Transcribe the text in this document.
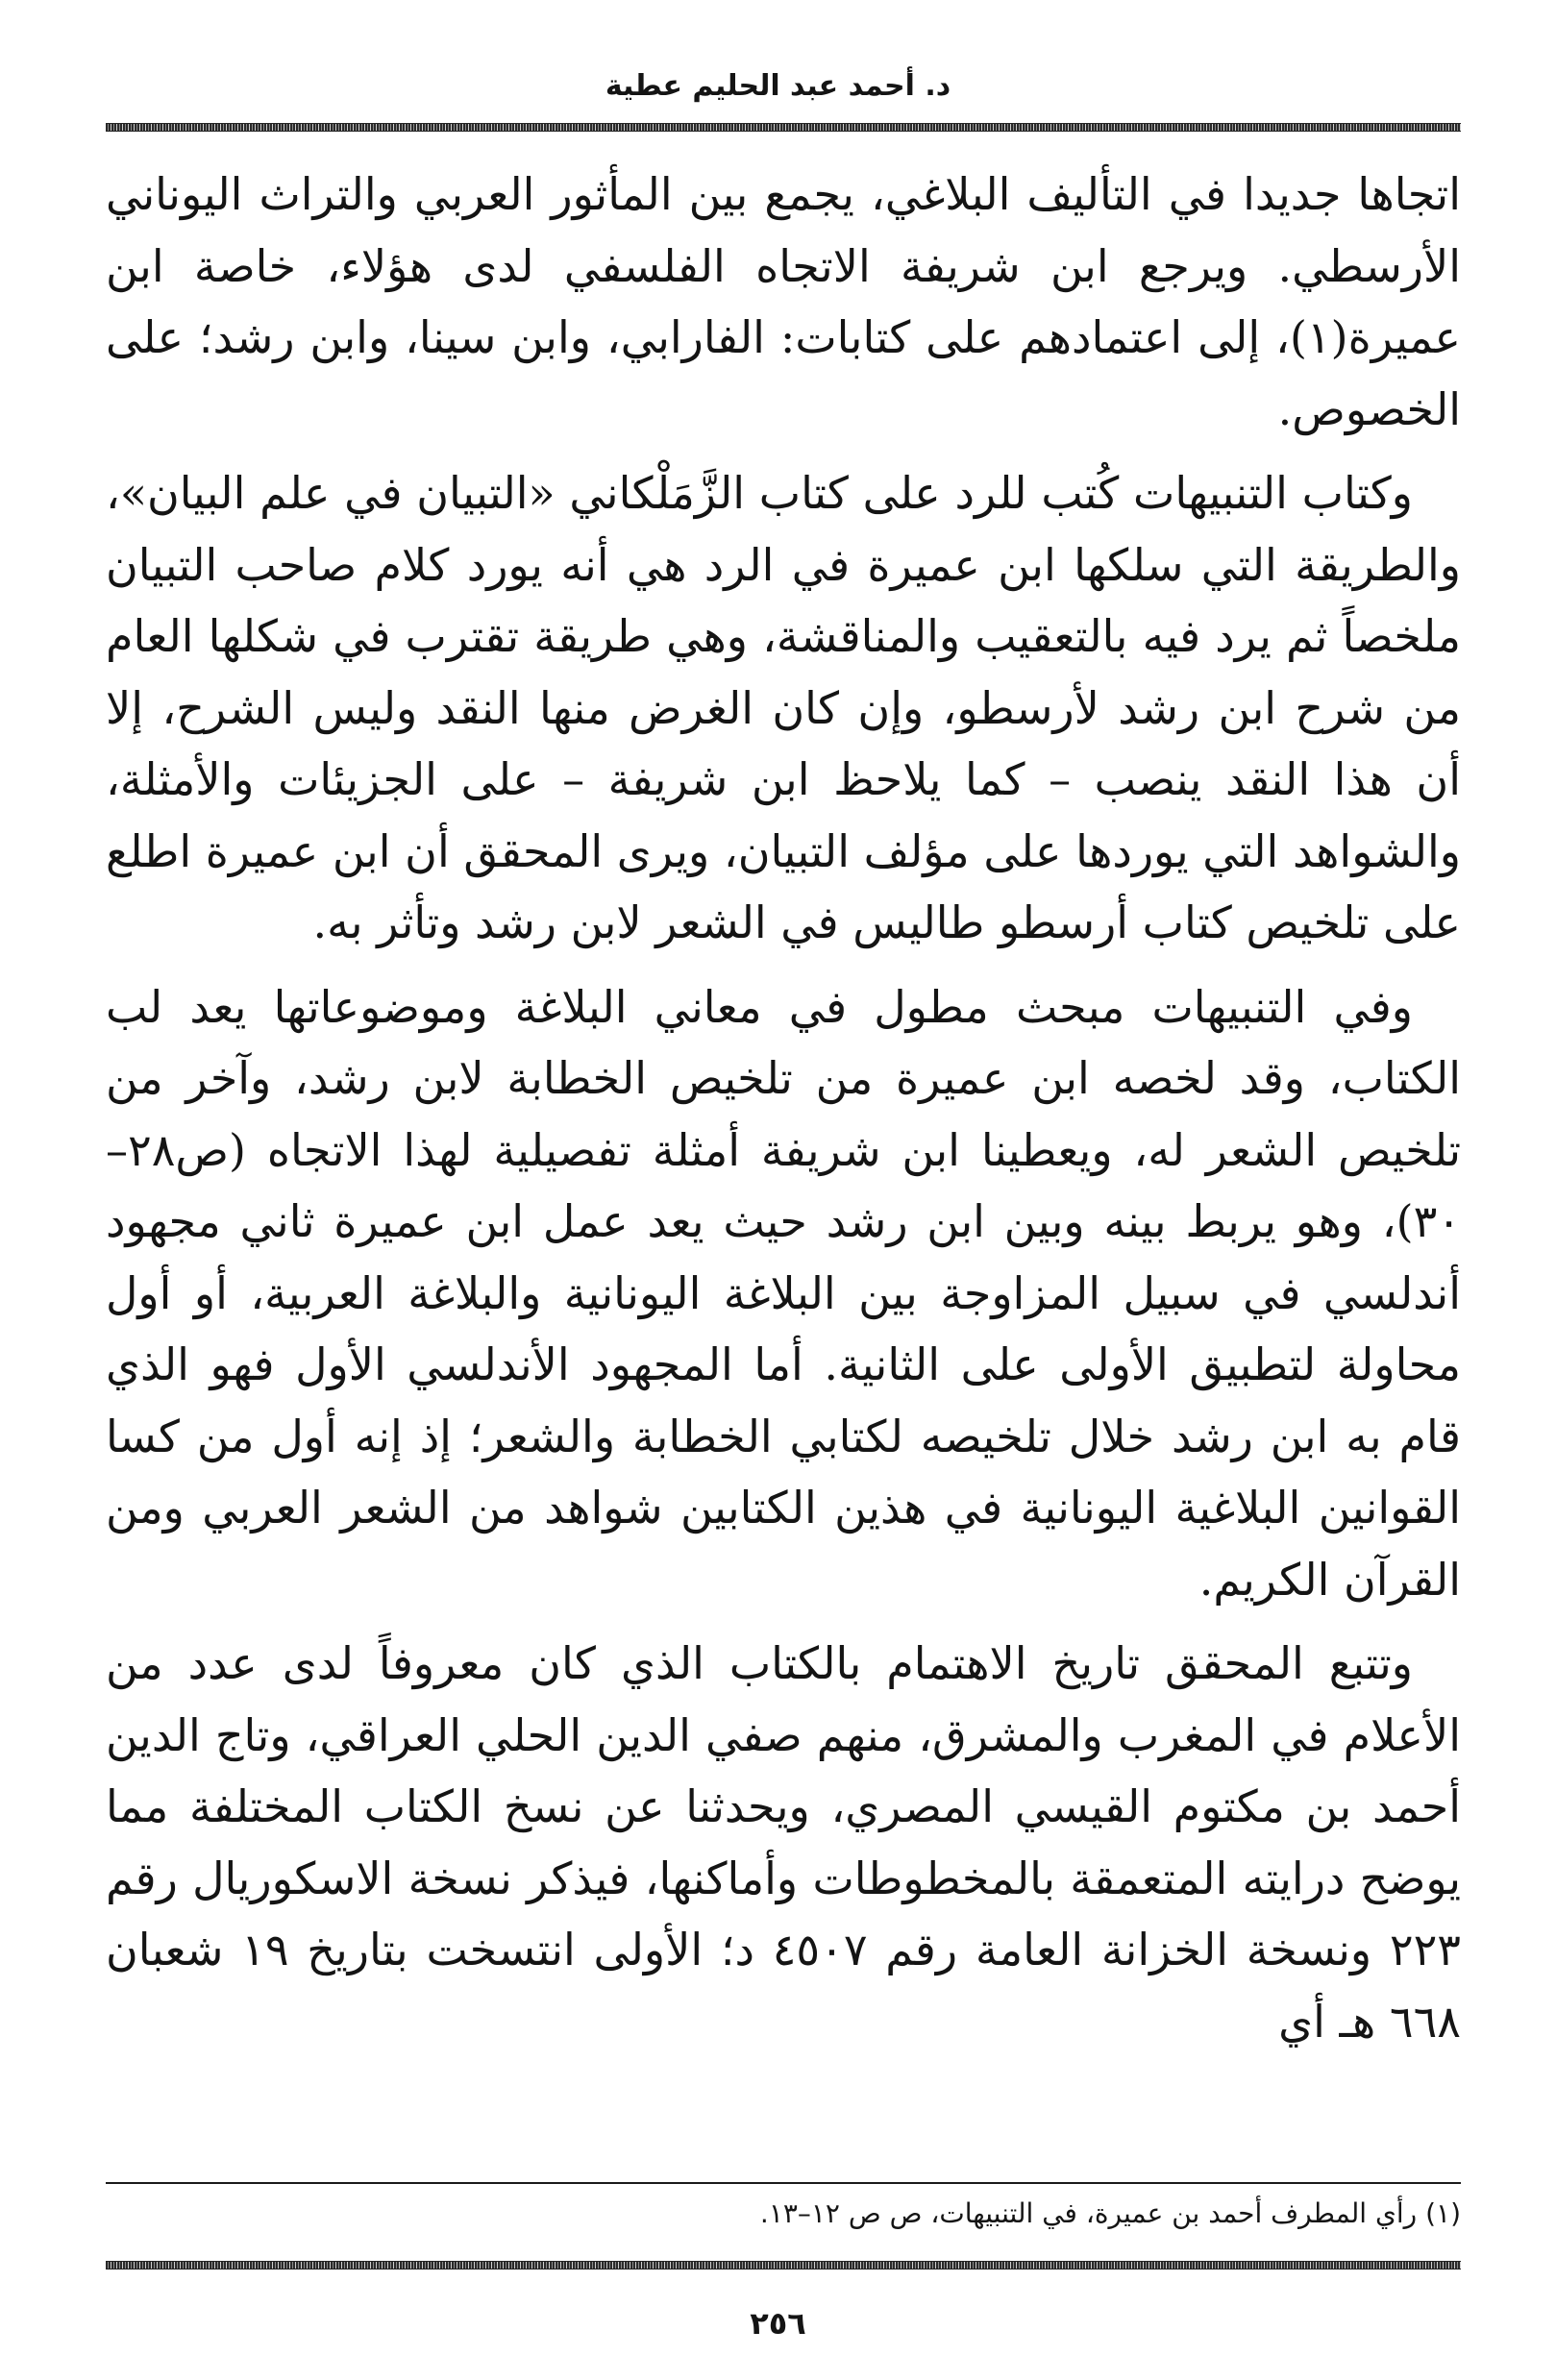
د. أحمد عبد الحليم عطية

اتجاها جديدا في التأليف البلاغي، يجمع بين المأثور العربي والتراث اليوناني الأرسطي. ويرجع ابن شريفة الاتجاه الفلسفي لدى هؤلاء، خاصة ابن عميرة(١)، إلى اعتمادهم على كتابات: الفارابي، وابن سينا، وابن رشد؛ على الخصوص.

وكتاب التنبيهات كُتب للرد على كتاب الزَّمَلْكاني «التبيان في علم البيان»، والطريقة التي سلكها ابن عميرة في الرد هي أنه يورد كلام صاحب التبيان ملخصاً ثم يرد فيه بالتعقيب والمناقشة، وهي طريقة تقترب في شكلها العام من شرح ابن رشد لأرسطو، وإن كان الغرض منها النقد وليس الشرح، إلا أن هذا النقد ينصب – كما يلاحظ ابن شريفة – على الجزيئات والأمثلة، والشواهد التي يوردها على مؤلف التبيان، ويرى المحقق أن ابن عميرة اطلع على تلخيص كتاب أرسطو طاليس في الشعر لابن رشد وتأثر به.

وفي التنبيهات مبحث مطول في معاني البلاغة وموضوعاتها يعد لب الكتاب، وقد لخصه ابن عميرة من تلخيص الخطابة لابن رشد، وآخر من تلخيص الشعر له، ويعطينا ابن شريفة أمثلة تفصيلية لهذا الاتجاه (ص٢٨–٣٠)، وهو يربط بينه وبين ابن رشد حيث يعد عمل ابن عميرة ثاني مجهود أندلسي في سبيل المزاوجة بين البلاغة اليونانية والبلاغة العربية، أو أول محاولة لتطبيق الأولى على الثانية. أما المجهود الأندلسي الأول فهو الذي قام به ابن رشد خلال تلخيصه لكتابي الخطابة والشعر؛ إذ إنه أول من كسا القوانين البلاغية اليونانية في هذين الكتابين شواهد من الشعر العربي ومن القرآن الكريم.

وتتبع المحقق تاريخ الاهتمام بالكتاب الذي كان معروفاً لدى عدد من الأعلام في المغرب والمشرق، منهم صفي الدين الحلي العراقي، وتاج الدين أحمد بن مكتوم القيسي المصري، ويحدثنا عن نسخ الكتاب المختلفة مما يوضح درايته المتعمقة بالمخطوطات وأماكنها، فيذكر نسخة الاسكوريال رقم ٢٢٣ ونسخة الخزانة العامة رقم ٤٥٠٧ د؛ الأولى انتسخت بتاريخ ١٩ شعبان ٦٦٨ هـ أي

(١) رأي المطرف أحمد بن عميرة، في التنبيهات، ص ص ١٢–١٣.
٢٥٦
